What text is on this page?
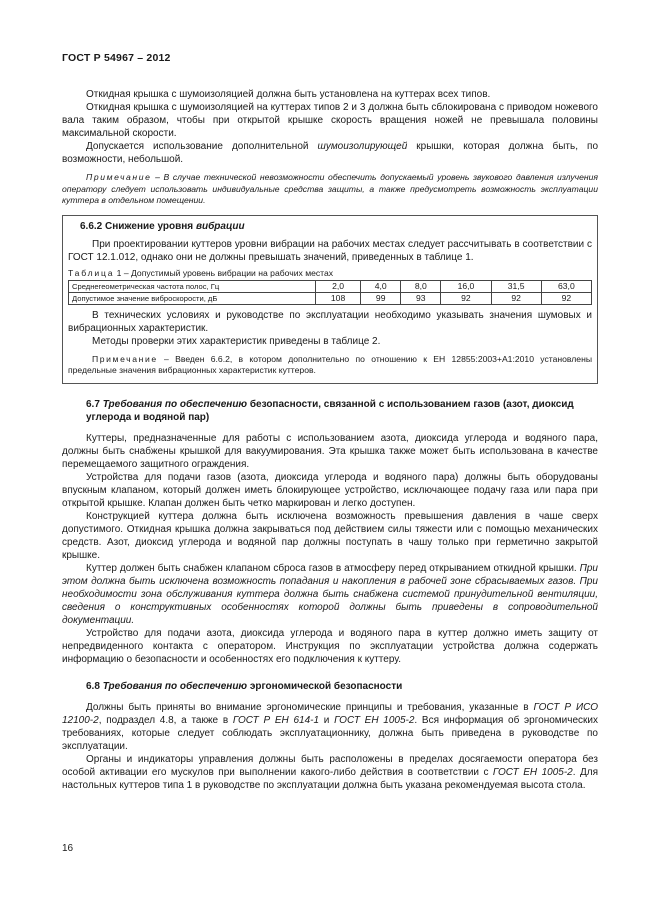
ГОСТ Р 54967 – 2012

Откидная крышка с шумоизоляцией должна быть установлена на куттерах всех типов.

Откидная крышка с шумоизоляцией на куттерах типов 2 и 3 должна быть сблокирована с приводом ножевого вала таким образом, чтобы при открытой крышке скорость вращения ножей не превышала половины максимальной скорости.

Допускается использование дополнительной шумоизолирующей крышки, которая должна быть, по возможности, небольшой.

Примечание – В случае технической невозможности обеспечить допускаемый уровень звукового давления излучения оператору следует использовать индивидуальные средства защиты, а также предусмотреть возможность эксплуатации куттера в отдельном помещении.
6.6.2 Снижение уровня вибрации

При проектировании куттеров уровни вибрации на рабочих местах следует рассчитывать в соответствии с ГОСТ 12.1.012, однако они не должны превышать значений, приведенных в таблице 1.

Таблица 1 – Допустимый уровень вибрации на рабочих местах
Среднегеометрическая частота полос, Гц	2,0	4,0	8,0	16,0	31,5	63,0
Допустимое значение виброскорости, дБ	108	99	93	92	92	92

В технических условиях и руководстве по эксплуатации необходимо указывать значения шумовых и вибрационных характеристик.

Методы проверки этих характеристик приведены в таблице 2.

Примечание – Введен 6.6.2, в котором дополнительно по отношению к ЕН 12855:2003+А1:2010 установлены предельные значения вибрационных характеристик куттеров.
6.7 Требования по обеспечению безопасности, связанной с использованием газов (азот, диоксид углерода и водяной пар)

Куттеры, предназначенные для работы с использованием азота, диоксида углерода и водяного пара, должны быть снабжены крышкой для вакуумирования. Эта крышка также может быть использована в качестве перемещаемого защитного ограждения.

Устройства для подачи газов (азота, диоксида углерода и водяного пара) должны быть оборудованы впускным клапаном, который должен иметь блокирующее устройство, исключающее подачу газа или пара при открытой крышке. Клапан должен быть четко маркирован и легко доступен.

Конструкцией куттера должна быть исключена возможность превышения давления в чаше сверх допустимого. Откидная крышка должна закрываться под действием силы тяжести или с помощью механических средств. Азот, диоксид углерода и водяной пар должны поступать в чашу только при герметично закрытой крышке.

Куттер должен быть снабжен клапаном сброса газов в атмосферу перед открыванием откидной крышки. При этом должна быть исключена возможность попадания и накопления в рабочей зоне сбрасываемых газов. При необходимости зона обслуживания куттера должна быть снабжена системой принудительной вентиляции, сведения о конструктивных особенностях которой должны быть приведены в сопроводительной документации.

Устройство для подачи азота, диоксида углерода и водяного пара в куттер должно иметь защиту от непредвиденного контакта с оператором. Инструкция по эксплуатации устройства должна содержать информацию о безопасности и особенностях его подключения к куттеру.

6.8 Требования по обеспечению эргономической безопасности

Должны быть приняты во внимание эргономические принципы и требования, указанные в ГОСТ Р ИСО 12100-2, подраздел 4.8, а также в ГОСТ Р ЕН 614-1 и ГОСТ ЕН 1005-2. Вся информация об эргономических требованиях, которые следует соблюдать эксплуатационнику, должна быть приведена в руководстве по эксплуатации.

Органы и индикаторы управления должны быть расположены в пределах досягаемости оператора без особой активации его мускулов при выполнении какого-либо действия в соответствии с ГОСТ ЕН 1005-2. Для настольных куттеров типа 1 в руководстве по эксплуатации должна быть указана рекомендуемая высота стола.

16
